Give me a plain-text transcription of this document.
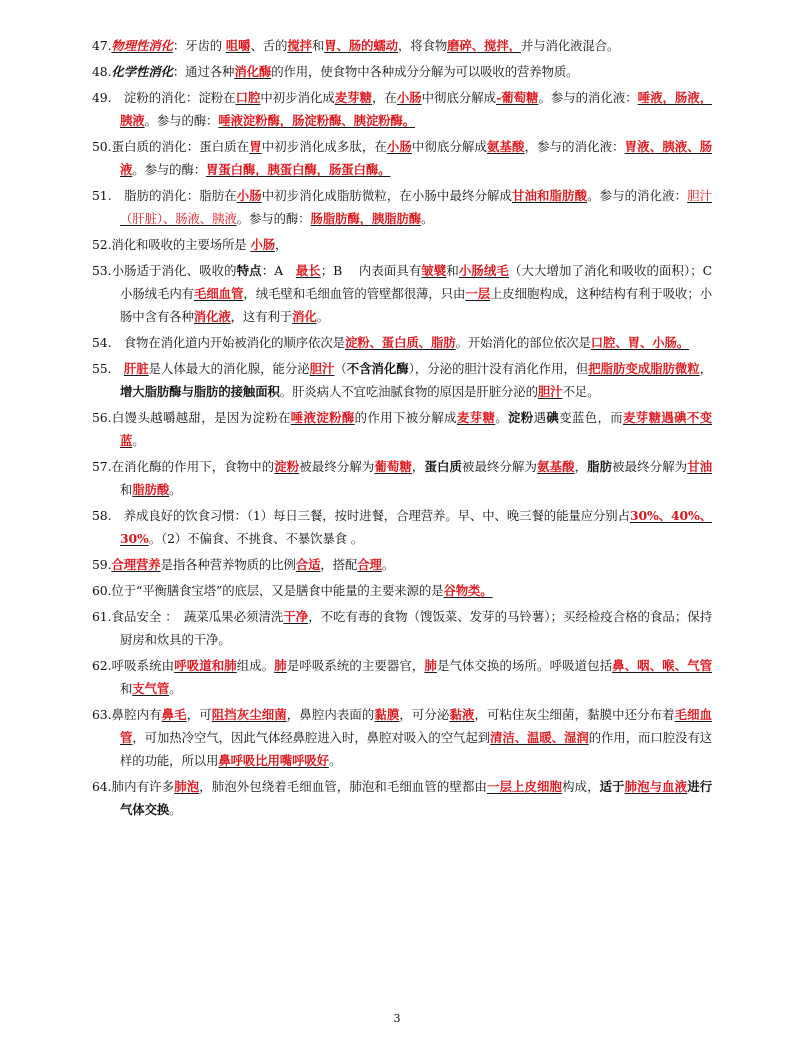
47.物理性消化：牙齿的 咀嚼、舌的搅拌和胃、肠的蠕动，将食物磨碎、搅拌，并与消化液混合。
48.化学性消化：通过各种消化酶的作用，使食物中各种成分分解为可以吸收的营养物质。
49.　淀粉的消化：淀粉在口腔中初步消化成麦芽糖，在小肠中彻底分解成-葡萄糖。参与的消化液：唾液，肠液，胰液。参与的酶：唾液淀粉酶，肠淀粉酶、胰淀粉酶。
50.蛋白质的消化：蛋白质在胃中初步消化成多肽，在小肠中彻底分解成氨基酸，参与的消化液：胃液、胰液、肠液。参与的酶：胃蛋白酶，胰蛋白酶，肠蛋白酶。
51.　脂肪的消化：脂肪在小肠中初步消化成脂肪微粒，在小肠中最终分解成甘油和脂肪酸。参与的消化液：胆汁（肝脏）、肠液、胰液。参与的酶：肠脂肪酶，胰脂肪酶。
52.消化和吸收的主要场所是 小肠，
53.小肠适于消化、吸收的特点：A　最长；B　 内表面具有皱襞和小肠绒毛（大大增加了消化和吸收的面积）；C　小肠绒毛内有毛细血管，绒毛壁和毛细血管的管壁都很薄，只由一层上皮细胞构成，这种结构有利于吸收；小肠中含有各种消化液，这有利于消化。
54.　食物在消化道内开始被消化的顺序依次是淀粉、蛋白质、脂肪。开始消化的部位依次是口腔、胃、小肠。
55.　肝脏是人体最大的消化腺，能分泌胆汁（不含消化酶），分泌的胆汁没有消化作用，但把脂肪变成脂肪微粒，增大脂肪酶与脂肪的接触面积。肝炎病人不宜吃油腻食物的原因是肝脏分泌的胆汁不足。
56.白馒头越嚼越甜，是因为淀粉在唾液淀粉酶的作用下被分解成麦芽糖。淀粉遇碘变蓝色，而麦芽糖遇碘不变蓝。
57.在消化酶的作用下，食物中的淀粉被最终分解为葡萄糖，蛋白质被最终分解为氨基酸，脂肪被最终分解为甘油和脂肪酸。
58.　养成良好的饮食习惯：（1）每日三餐，按时进餐，合理营养。早、中、晚三餐的能量应分别占30%、40%、30%。（2）不偏食、不挑食、不暴饮暴食 。
59.合理营养是指各种营养物质的比例合适，搭配合理。
60.位于“平衡膳食宝塔”的底层，又是膳食中能量的主要来源的是谷物类。
61.食品安全 ：　蔬菜瓜果必须清洗干净，不吃有毒的食物（馊饭菜、发芽的马铃薯）；买经检疫合格的食品；保持厨房和炊具的干净。
62.呼吸系统由呼吸道和肺组成。肺是呼吸系统的主要器官，肺是气体交换的场所。呼吸道包括鼻、咽、喉、气管和支气管。
63.鼻腔内有鼻毛，可阻挡灰尘细菌，鼻腔内表面的黏膜，可分泌黏液，可粘住灰尘细菌，黏膜中还分布着毛细血管，可加热冷空气，因此气体经鼻腔进入时，鼻腔对吸入的空气起到清洁、温暖、湿润的作用，而口腔没有这样的功能，所以用鼻呼吸比用嘴呼吸好。
64.肺内有许多肺泡，肺泡外包绕着毛细血管，肺泡和毛细血管的壁都由一层上皮细胞构成，适于肺泡与血液进行气体交换。
3
